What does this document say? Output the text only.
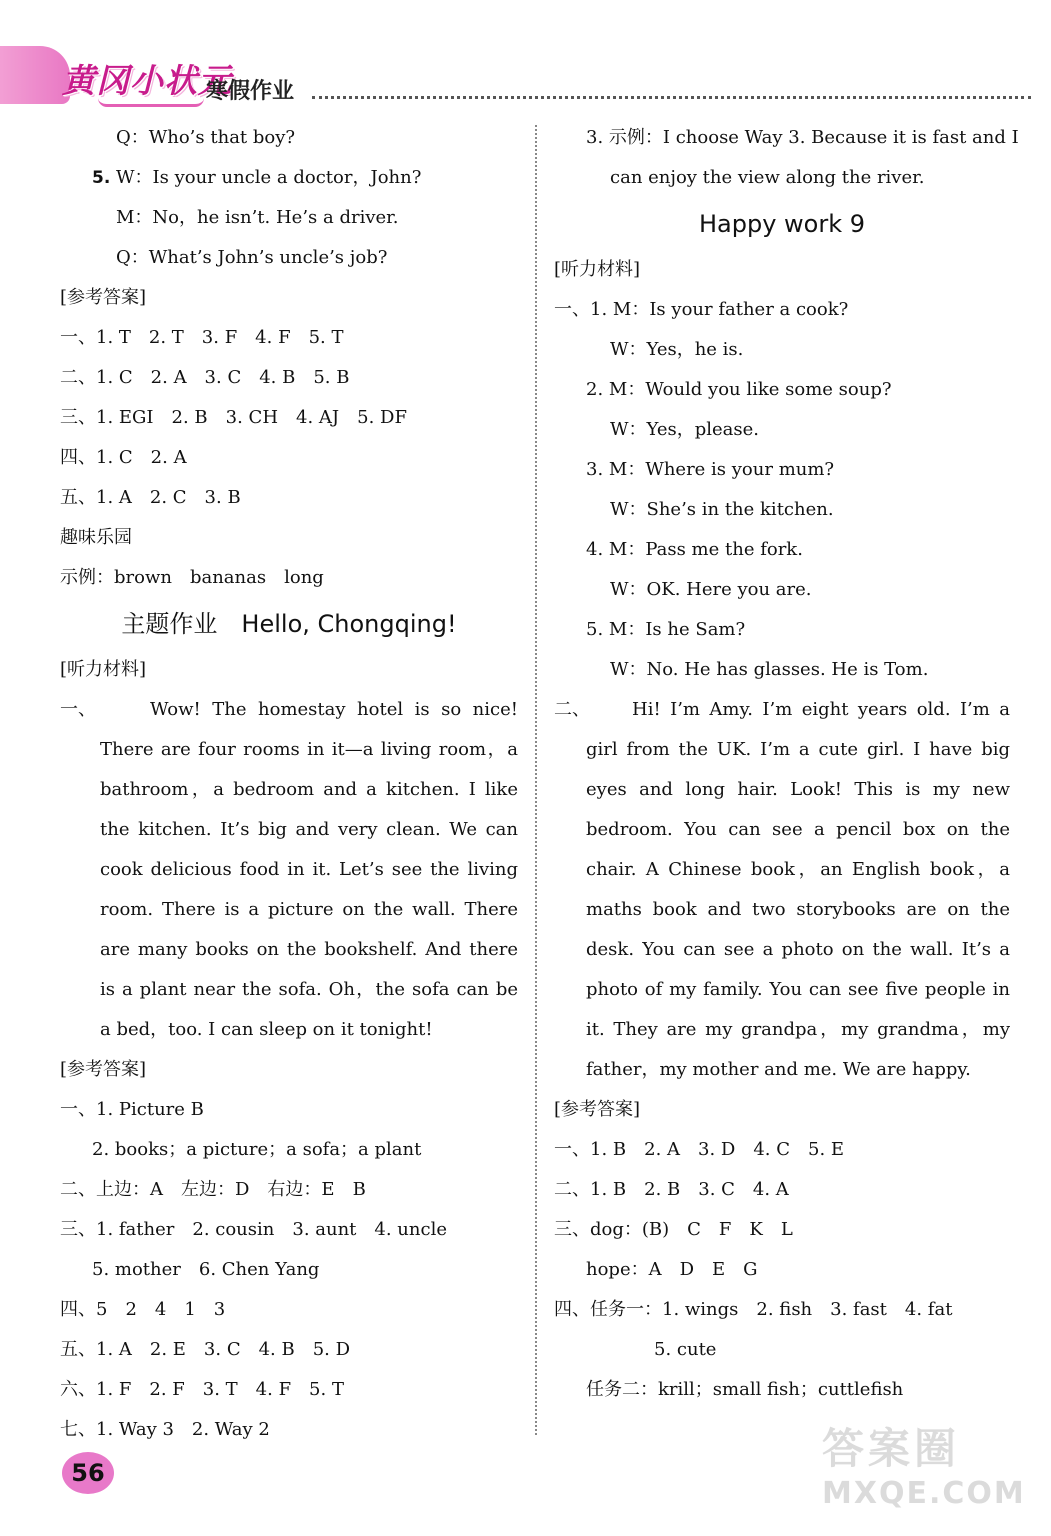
黄冈小状元
寒假作业
Q：Who’s that boy?
5. W：Is your uncle a doctor，John?
M：No，he isn’t. He’s a driver.
Q：What’s John’s uncle’s job?
[参考答案]
一、1. T　2. T　3. F　4. F　5. T
二、1. C　2. A　3. C　4. B　5. B
三、1. EGI　2. B　3. CH　4. AJ　5. DF
四、1. C　2. A
五、1. A　2. C　3. B
趣味乐园
示例：brown　bananas　long
主题作业　Hello, Chongqing!
[听力材料]
一、	Wow! The homestay hotel is so nice! There are four rooms in it—a living room，a bathroom，a bedroom and a kitchen. I like the kitchen. It’s big and very clean. We can cook delicious food in it. Let’s see the living room. There is a picture on the wall. There are many books on the bookshelf. And there is a plant near the sofa. Oh，the sofa can be a bed，too. I can sleep on it tonight!
[参考答案]
一、1. Picture B
2. books；a picture；a sofa；a plant
二、上边：A　左边：D　右边：E　B
三、1. father　2. cousin　3. aunt　4. uncle
5. mother　6. Chen Yang
四、5　2　4　1　3
五、1. A　2. E　3. C　4. B　5. D
六、1. F　2. F　3. T　4. F　5. T
七、1. Way 3　2. Way 2
3. 示例：I choose Way 3. Because it is fast and I
can enjoy the view along the river.
Happy work 9
[听力材料]
一、1. M：Is your father a cook?
W：Yes，he is.
2. M：Would you like some soup?
W：Yes，please.
3. M：Where is your mum?
W：She’s in the kitchen.
4. M：Pass me the fork.
W：OK. Here you are.
5. M：Is he Sam?
W：No. He has glasses. He is Tom.
二、 Hi! I’m Amy. I’m eight years old. I’m a girl from the UK. I’m a cute girl. I have big eyes and long hair. Look! This is my new bedroom. You can see a pencil box on the chair. A Chinese book，an English book，a maths book and two storybooks are on the desk. You can see a photo on the wall. It’s a photo of my family. You can see five people in it. They are my grandpa，my grandma，my father，my mother and me. We are happy.
[参考答案]
一、1. B　2. A　3. D　4. C　5. E
二、1. B　2. B　3. C　4. A
三、dog：(B)　C　F　K　L
hope：A　D　E　G
四、任务一：1. wings　2. fish　3. fast　4. fat
5. cute
任务二：krill；small fish；cuttlefish
56	答案圈
MXQE.COM
